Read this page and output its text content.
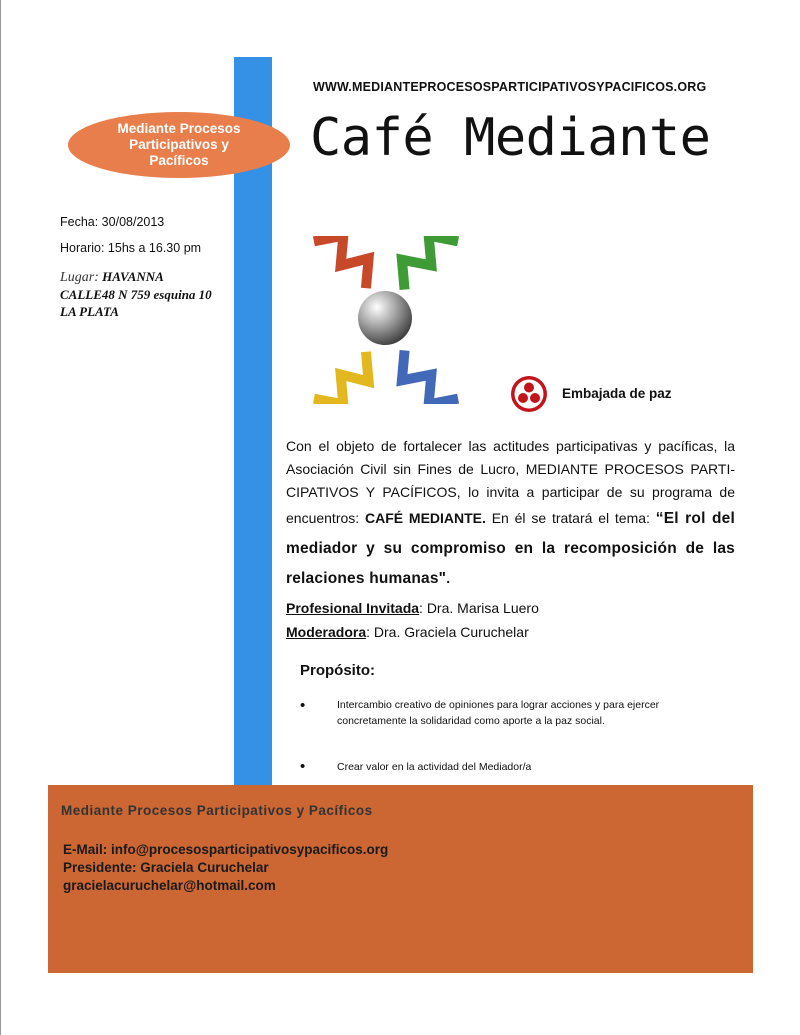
Mediante Procesos
Participativos y
Pacíficos
WWW.MEDIANTEPROCESOSPARTICIPATIVOSYPACIFICOS.ORG
Café Mediante
Fecha: 30/08/2013
Horario: 15hs a 16.30 pm
Lugar: HAVANNA
CALLE48 N 759 esquina 10
LA PLATA
Embajada de paz
Con el objeto de fortalecer las actitudes participativas y pacíficas, la Asociación Civil sin Fines de Lucro, MEDIANTE PROCESOS PARTI-CIPATIVOS Y PACÍFICOS, lo invita a participar de su programa de encuentros: CAFÉ MEDIANTE. En él se tratará el tema: “El rol del mediador y su compromiso en la recomposición de las relaciones humanas".
Profesional Invitada: Dra. Marisa Luero
Moderadora: Dra. Graciela Curuchelar
Propósito:
•	Intercambio creativo de opiniones para lograr acciones y para ejercer concretamente la solidaridad como aporte a la paz social.
•	Crear valor en la actividad del Mediador/a
Mediante Procesos Participativos y Pacíficos
E-Mail: info@procesosparticipativosypacificos.org
Presidente: Graciela Curuchelar
gracielacuruchelar@hotmail.com
